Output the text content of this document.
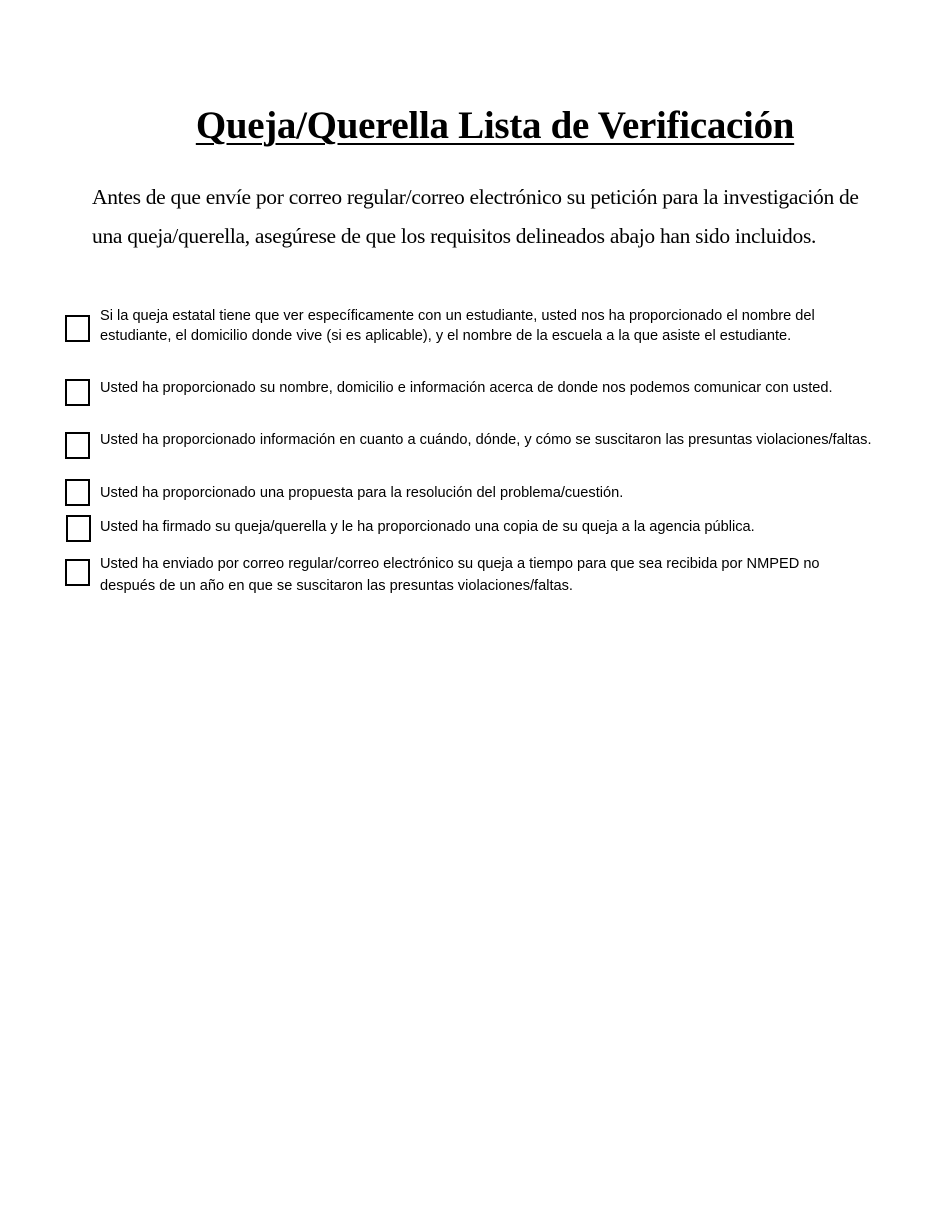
Queja/Querella Lista de Verificación

Antes de que envíe por correo regular/correo electrónico su petición para la investigación de una queja/querella, asegúrese de que los requisitos delineados abajo han sido incluidos.

Si la queja estatal tiene que ver específicamente con un estudiante, usted nos ha proporcionado el nombre del estudiante, el domicilio donde vive (si es aplicable), y el nombre de la escuela a la que asiste el estudiante.

Usted ha proporcionado su nombre, domicilio e información acerca de donde nos podemos comunicar con usted.

Usted ha proporcionado información en cuanto a cuándo, dónde, y cómo se suscitaron las presuntas violaciones/faltas.

Usted ha proporcionado una propuesta para la resolución del problema/cuestión.

Usted ha firmado su queja/querella y le ha proporcionado una copia de su queja a la agencia pública.

Usted ha enviado por correo regular/correo electrónico su queja a tiempo para que sea recibida por NMPED no después de un año en que se suscitaron las presuntas violaciones/faltas.
